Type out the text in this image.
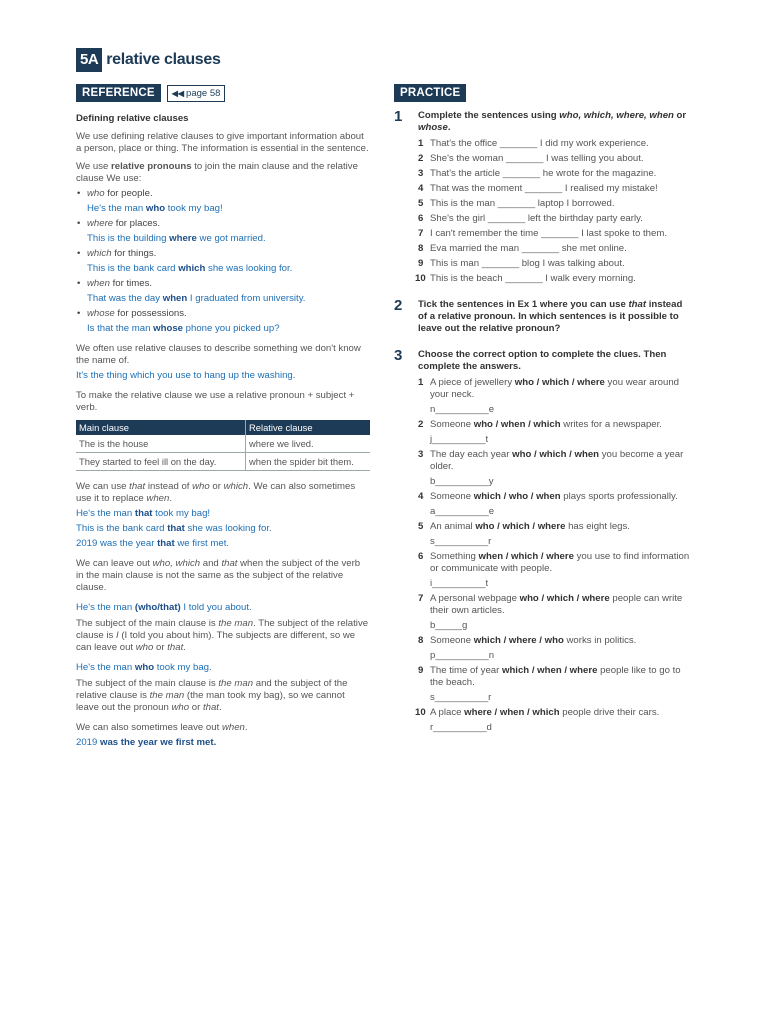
5A relative clauses
REFERENCE	◀◀ page 58
Defining relative clauses

We use defining relative clauses to give important information about a person, place or thing. The information is essential in the sentence.

We use relative pronouns to join the main clause and the relative clause We use:

• who for people.
He's the man who took my bag!
• where for places.
This is the building where we got married.
• which for things.
This is the bank card which she was looking for.
• when for times.
That was the day when I graduated from university.
• whose for possessions.
Is that the man whose phone you picked up?

We often use relative clauses to describe something we don't know the name of.

It's the thing which you use to hang up the washing.

To make the relative clause we use a relative pronoun + subject + verb.

Main clause	Relative clause
The is the house	where we lived.
They started to feel ill on the day.	when the spider bit them.

We can use that instead of who or which. We can also sometimes use it to replace when.

He's the man that took my bag!
This is the bank card that she was looking for.
2019 was the year that we first met.

We can leave out who, which and that when the subject of the verb in the main clause is not the same as the subject of the relative clause.

He's the man (who/that) I told you about.

The subject of the main clause is the man. The subject of the relative clause is I (I told you about him). The subjects are different, so we can leave out who or that.

He's the man who took my bag.

The subject of the main clause is the man and the subject of the relative clause is the man (the man took my bag), so we cannot leave out the pronoun who or that.

We can also sometimes leave out when.

2019 was the year we first met.
PRACTICE
1	Complete the sentences using who, which, where, when or whose.
1 That's the office _______ I did my work experience.
2 She's the woman _______ I was telling you about.
3 That's the article _______ he wrote for the magazine.
4 That was the moment _______ I realised my mistake!
5 This is the man _______ laptop I borrowed.
6 She's the girl _______ left the birthday party early.
7 I can't remember the time _______ I last spoke to them.
8 Eva married the man _______ she met online.
9 This is man _______ blog I was talking about.
10 This is the beach _______ I walk every morning.
2	Tick the sentences in Ex 1 where you can use that instead of a relative pronoun. In which sentences is it possible to leave out the relative pronoun?
3	Choose the correct option to complete the clues. Then complete the answers.
1 A piece of jewellery who / which / where you wear around your neck.
n__________e
2 Someone who / when / which writes for a newspaper.
j__________t
3 The day each year who / which / when you become a year older.
b__________y
4 Someone which / who / when plays sports professionally.
a__________e
5 An animal who / which / where has eight legs.
s__________r
6 Something when / which / where you use to find information or communicate with people.
i__________t
7 A personal webpage who / which / where people can write their own articles.
b_____g
8 Someone which / where / who works in politics.
p__________n
9 The time of year which / when / where people like to go to the beach.
s__________r
10 A place where / when / which people drive their cars.
r__________d
